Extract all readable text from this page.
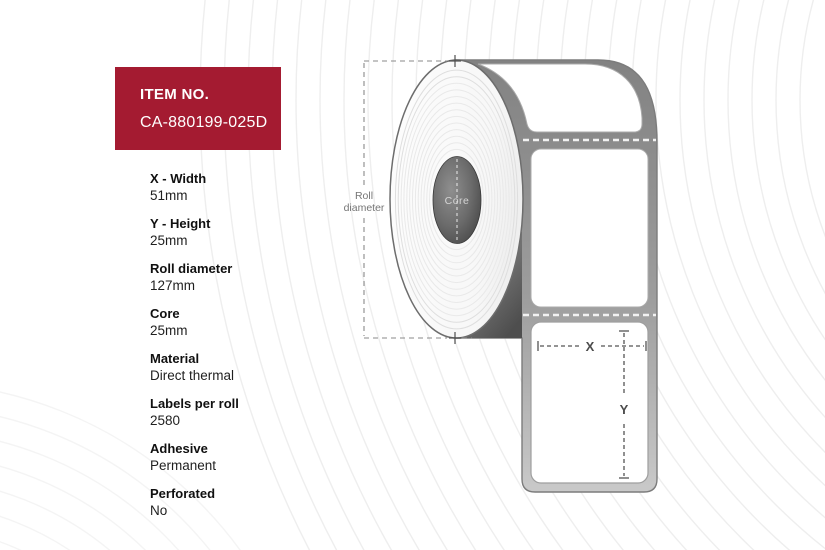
X
Y
Core
Roll
diameter
ITEM NO.
CA-880199-025D
X - Width
51mm
Y - Height
25mm
Roll diameter
127mm
Core
25mm
Material
Direct thermal
Labels per roll
2580
Adhesive
Permanent
Perforated
No
